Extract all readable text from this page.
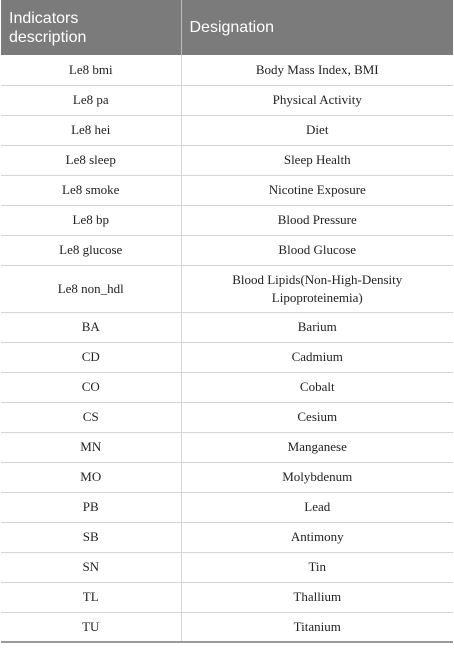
Indicators description	Designation
Le8 bmi	Body Mass Index, BMI
Le8 pa	Physical Activity
Le8 hei	Diet
Le8 sleep	Sleep Health
Le8 smoke	Nicotine Exposure
Le8 bp	Blood Pressure
Le8 glucose	Blood Glucose
Le8 non_hdl	Blood Lipids(Non-High-Density Lipoproteinemia)
BA	Barium
CD	Cadmium
CO	Cobalt
CS	Cesium
MN	Manganese
MO	Molybdenum
PB	Lead
SB	Antimony
SN	Tin
TL	Thallium
TU	Titanium
